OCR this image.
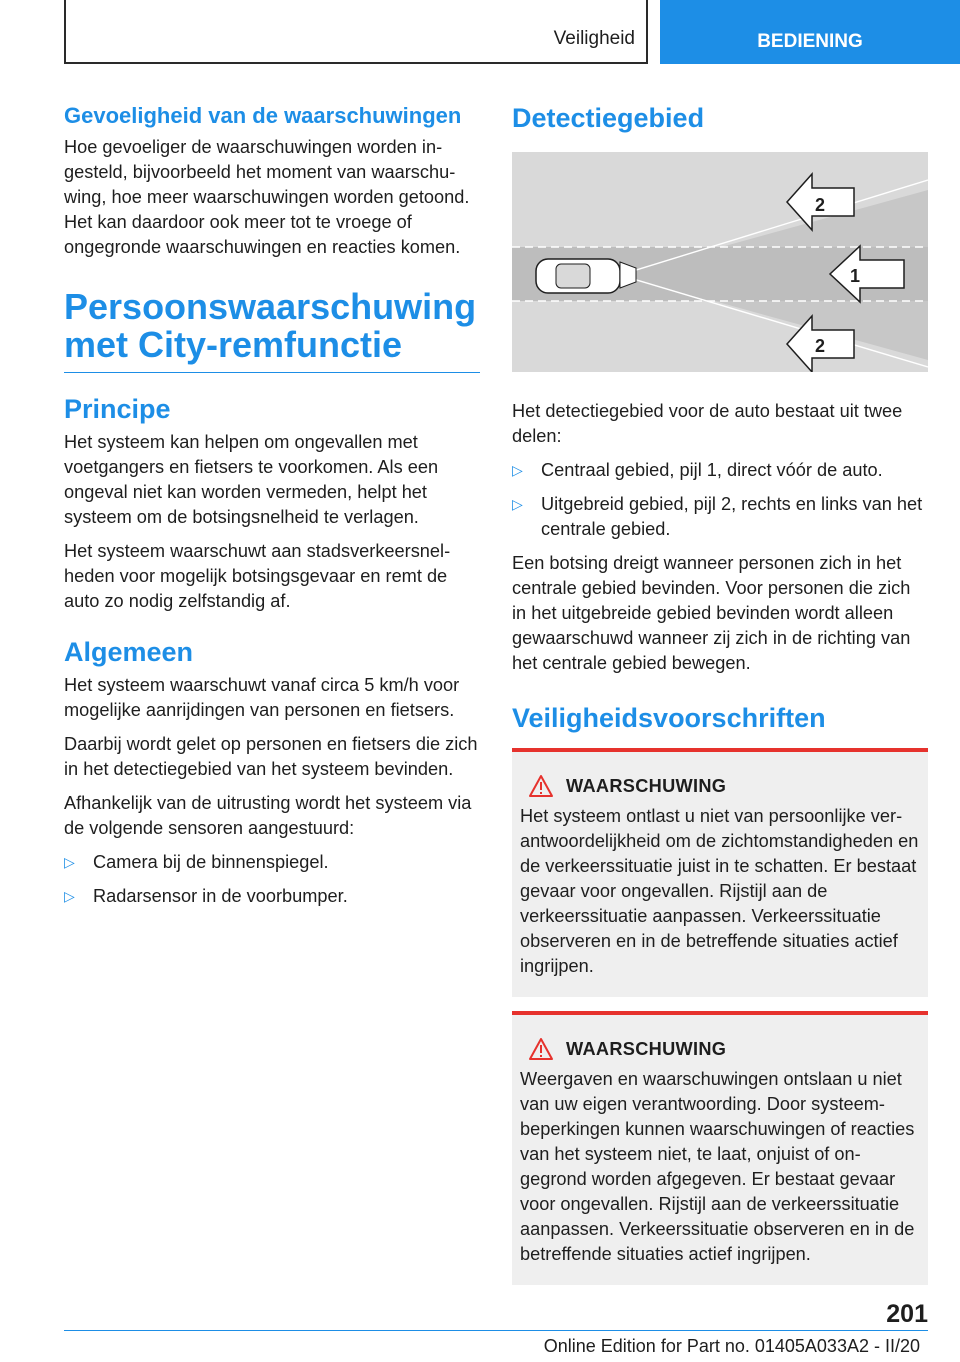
Veiligheid	BEDIENING
Gevoeligheid van de waarschuwingen

Hoe gevoeliger de waarschuwingen worden ingesteld, bijvoorbeeld het moment van waarschuwing, hoe meer waarschuwingen worden getoond. Het kan daardoor ook meer tot te vroege of ongegronde waarschuwingen en reacties komen.

Persoonswaarschuwing met City-remfunctie
Principe

Het systeem kan helpen om ongevallen met voetgangers en fietsers te voorkomen. Als een ongeval niet kan worden vermeden, helpt het systeem om de botsingsnelheid te verlagen.

Het systeem waarschuwt aan stadsverkeersnelheden voor mogelijk botsingsgevaar en remt de auto zo nodig zelfstandig af.

Algemeen

Het systeem waarschuwt vanaf circa 5 km/h voor mogelijke aanrijdingen van personen en fietsers.

Daarbij wordt gelet op personen en fietsers die zich in het detectiegebied van het systeem bevinden.

Afhankelijk van de uitrusting wordt het systeem via de volgende sensoren aangestuurd:

▷ Camera bij de binnenspiegel.
▷ Radarsensor in de voorbumper.
Detectiegebied
2
1
2

Het detectiegebied voor de auto bestaat uit twee delen:

▷ Centraal gebied, pijl 1, direct vóór de auto.
▷ Uitgebreid gebied, pijl 2, rechts en links van het centrale gebied.

Een botsing dreigt wanneer personen zich in het centrale gebied bevinden. Voor personen die zich in het uitgebreide gebied bevinden wordt alleen gewaarschuwd wanneer zij zich in de richting van het centrale gebied bewegen.

Veiligheidsvoorschriften
WAARSCHUWING

Het systeem ontlast u niet van persoonlijke verantwoordelijkheid om de zichtomstandigheden en de verkeerssituatie juist in te schatten. Er bestaat gevaar voor ongevallen. Rijstijl aan de verkeerssituatie aanpassen. Verkeerssituatie observeren en in de betreffende situaties actief ingrijpen.

WAARSCHUWING

Weergaven en waarschuwingen ontslaan u niet van uw eigen verantwoording. Door systeembeperkingen kunnen waarschuwingen of reacties van het systeem niet, te laat, onjuist of ongegrond worden afgegeven. Er bestaat gevaar voor ongevallen. Rijstijl aan de verkeerssituatie aanpassen. Verkeerssituatie observeren en in de betreffende situaties actief ingrijpen.

201
Online Edition for Part no. 01405A033A2 - II/20
